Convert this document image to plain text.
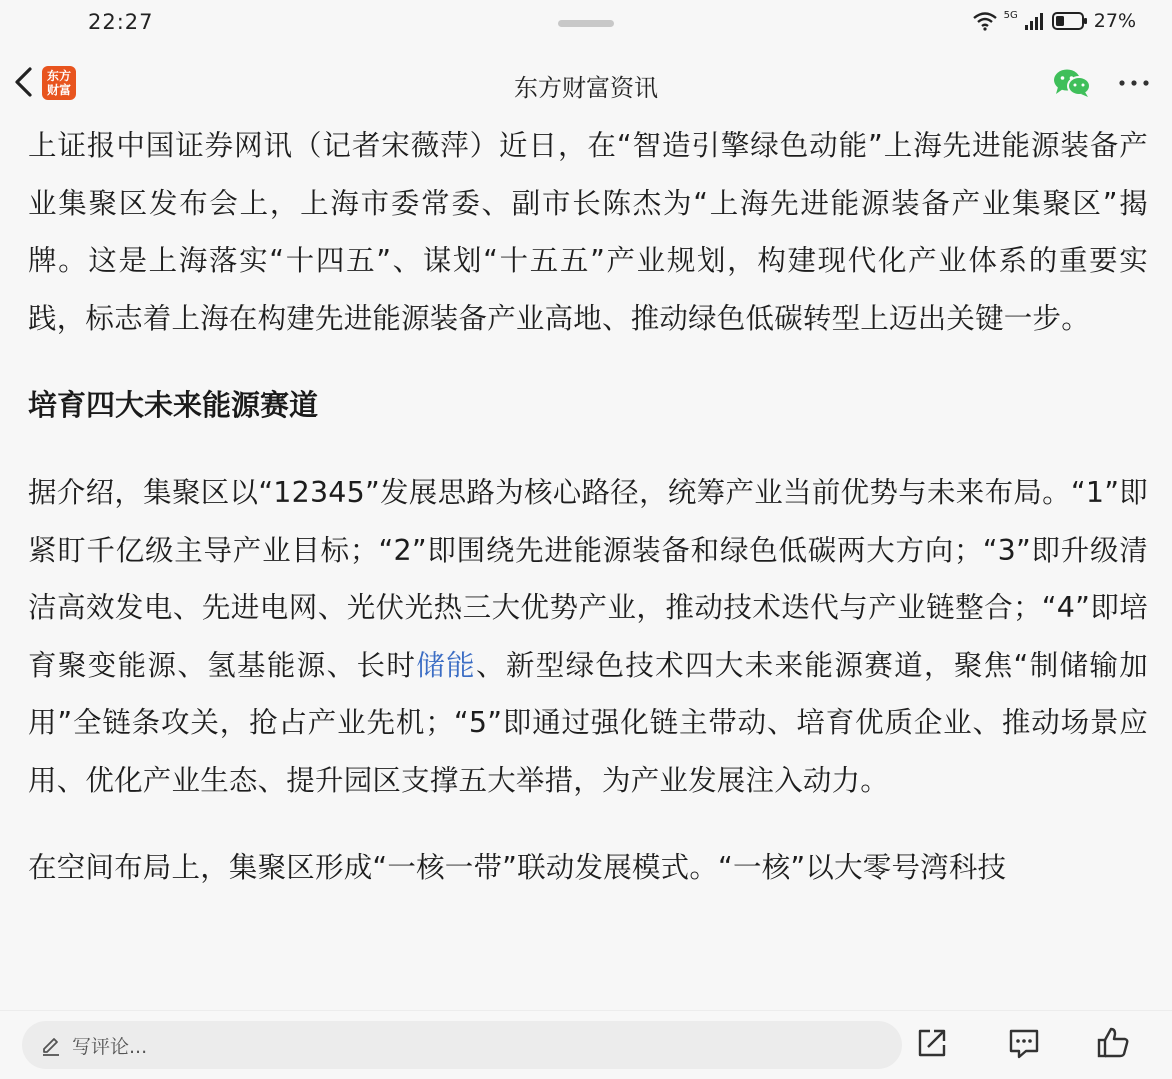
22:27	5G	27%
东方
财富	东方财富资讯

上证报中国证券网讯（记者宋薇萍）近日，在“智造引擎绿色动能”上海先进能源装备产业集聚区发布会上，上海市委常委、副市长陈杰为“上海先进能源装备产业集聚区”揭牌。这是上海落实“十四五”、谋划“十五五”产业规划，构建现代化产业体系的重要实践，标志着上海在构建先进能源装备产业高地、推动绿色低碳转型上迈出关键一步。

培育四大未来能源赛道

据介绍，集聚区以“12345”发展思路为核心路径，统筹产业当前优势与未来布局。“1”即紧盯千亿级主导产业目标；“2”即围绕先进能源装备和绿色低碳两大方向；“3”即升级清洁高效发电、先进电网、光伏光热三大优势产业，推动技术迭代与产业链整合；“4”即培育聚变能源、氢基能源、长时储能、新型绿色技术四大未来能源赛道，聚焦“制储输加用”全链条攻关，抢占产业先机；“5”即通过强化链主带动、培育优质企业、推动场景应用、优化产业生态、提升园区支撑五大举措，为产业发展注入动力。

在空间布局上，集聚区形成“一核一带”联动发展模式。“一核”以大零号湾科技

写评论...
